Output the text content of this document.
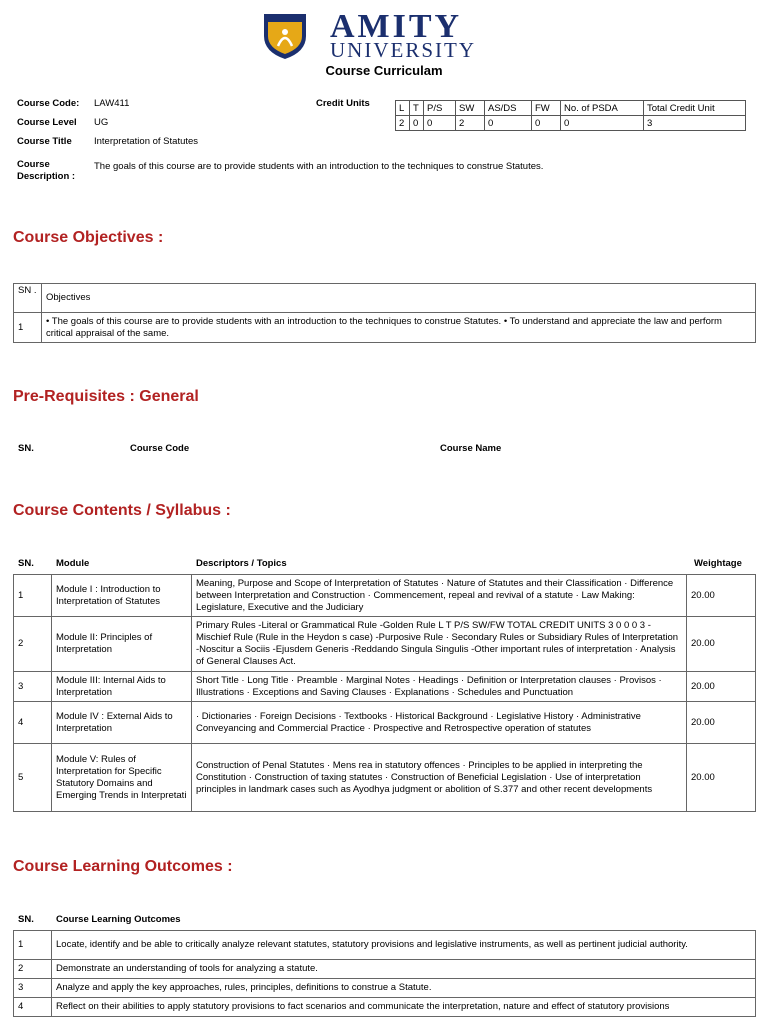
AMITY
UNIVERSITY
Course Curriculam
Course Code: LAW411
Course Level UG
Course Title Interpretation of Statutes
Course
Description :
The goals of this course are to provide students with an introduction to the techniques to construe Statutes.
Credit Units	L	T	P/S	SW	AS/DS	FW	No. of PSDA	Total Credit Unit
2	0	0	2	0	0	0	3
Course Objectives :
SN .	Objectives
1	• The goals of this course are to provide students with an introduction to the techniques to construe Statutes. • To understand and appreciate the law and perform critical appraisal of the same.
Pre-Requisites : General
SN.	Course Code	Course Name
Course Contents / Syllabus :
SN. Module	Descriptors / Topics	Weightage
1	Module I : Introduction to Interpretation of Statutes	Meaning, Purpose and Scope of Interpretation of Statutes · Nature of Statutes and their Classification · Difference between Interpretation and Construction · Commencement, repeal and revival of a statute · Law Making: Legislature, Executive and the Judiciary	20.00
2	Module II: Principles of Interpretation	Primary Rules -Literal or Grammatical Rule -Golden Rule L T P/S SW/FW TOTAL CREDIT UNITS 3 0 0 0 3 -Mischief Rule (Rule in the Heydon s case) -Purposive Rule · Secondary Rules or Subsidiary Rules of Interpretation -Noscitur a Sociis -Ejusdem Generis -Reddando Singula Singulis -Other important rules of interpretation · Analysis of General Clauses Act.	20.00
3	Module III: Internal Aids to Interpretation	Short Title · Long Title · Preamble · Marginal Notes · Headings · Definition or Interpretation clauses · Provisos · Illustrations · Exceptions and Saving Clauses · Explanations · Schedules and Punctuation	20.00
4	Module IV : External Aids to Interpretation	· Dictionaries · Foreign Decisions · Textbooks · Historical Background · Legislative History · Administrative Conveyancing and Commercial Practice · Prospective and Retrospective operation of statutes	20.00
5	Module V: Rules of Interpretation for Specific Statutory Domains and Emerging Trends in Interpretati	Construction of Penal Statutes · Mens rea in statutory offences · Principles to be applied in interpreting the Constitution · Construction of taxing statutes · Construction of Beneficial Legislation · Use of interpretation principles in landmark cases such as Ayodhya judgment or abolition of S.377 and other recent developments	20.00
Course Learning Outcomes :
SN. Course Learning Outcomes
1	Locate, identify and be able to critically analyze relevant statutes, statutory provisions and legislative instruments, as well as pertinent judicial authority.
2	Demonstrate an understanding of tools for analyzing a statute.
3	Analyze and apply the key approaches, rules, principles, definitions to construe a Statute.
4	Reflect on their abilities to apply statutory provisions to fact scenarios and communicate the interpretation, nature and effect of statutory provisions
